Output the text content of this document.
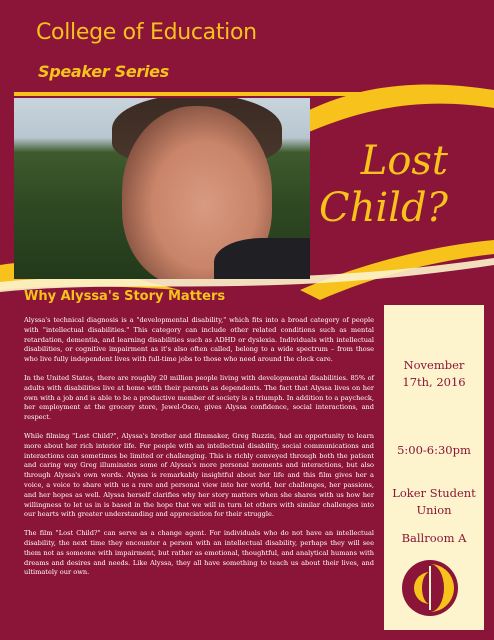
College of Education
Speaker Series
Lost
Child?
Why Alyssa's Story Matters

Alyssa's technical diagnosis is a "developmental disability," which fits into a broad category of people with "intellectual disabilities." This category can include other related conditions such as mental retardation, dementia, and learning disabilities such as ADHD or dyslexia. Individuals with intellectual disabilities, or cognitive impairment as it's also often called, belong to a wide spectrum – from those who live fully independent lives with full-time jobs to those who need around the clock care.

In the United States, there are roughly 20 million people living with developmental disabilities. 85% of adults with disabilities live at home with their parents as dependents. The fact that Alyssa lives on her own with a job and is able to be a productive member of society is a triumph. In addition to a paycheck, her employment at the grocery store, Jewel-Osco, gives Alyssa confidence, social interactions, and respect.

While filming "Lost Child?", Alyssa's brother and filmmaker, Greg Ruzzin, had an opportunity to learn more about her rich interior life. For people with an intellectual disability, social communications and interactions can sometimes be limited or challenging. This is richly conveyed through both the patient and caring way Greg illuminates some of Alyssa's more personal moments and interactions, but also through Alyssa's own words. Alyssa is remarkably insightful about her life and this film gives her a voice, a voice to share with us a rare and personal view into her world, her challenges, her passions, and her hopes as well. Alyssa herself clarifies why her story matters when she shares with us how her willingness to let us in is based in the hope that we will in turn let others with similar challenges into our hearts with greater understanding and appreciation for their struggle.

The film "Lost Child?" can serve as a change agent. For individuals who do not have an intellectual disability, the next time they encounter a person with an intellectual disability, perhaps they will see them not as someone with impairment, but rather as emotional, thoughtful, and analytical humans with dreams and desires and needs. Like Alyssa, they all have something to teach us about their lives, and ultimately our own.

November
17th, 2016
5:00-6:30pm
Loker Student
Union
Ballroom A
